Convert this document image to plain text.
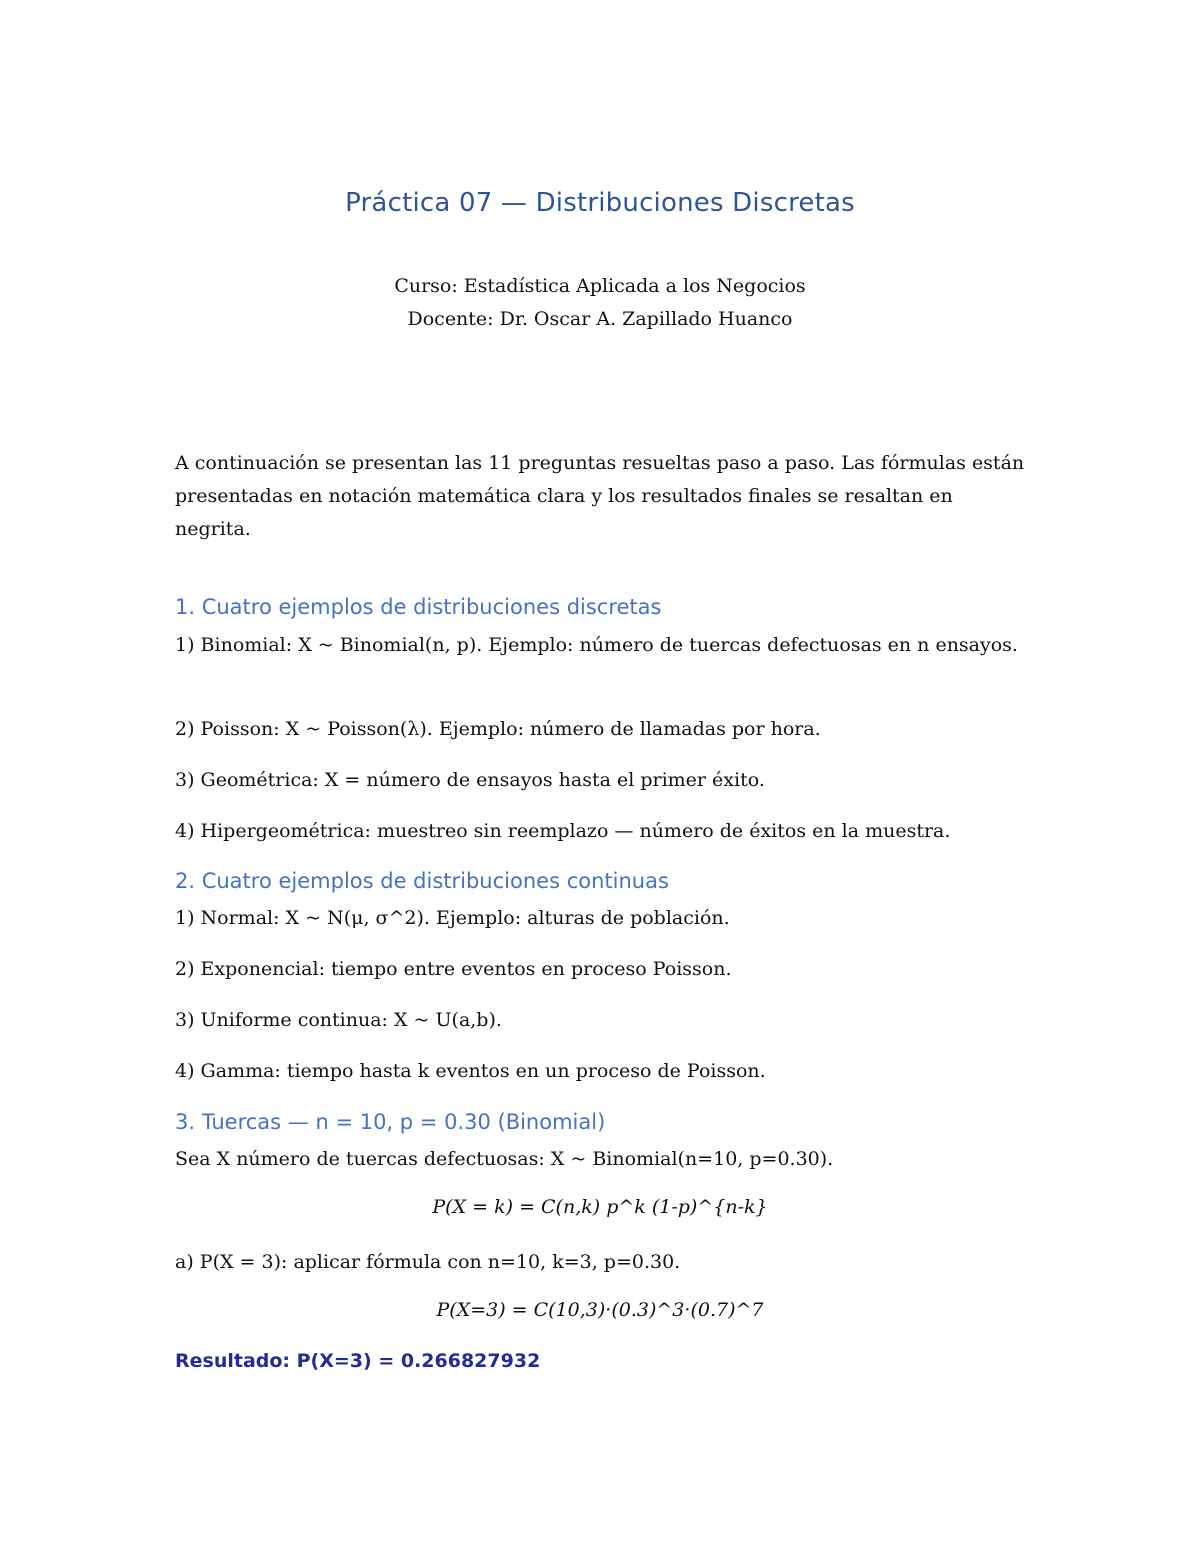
Práctica 07 — Distribuciones Discretas
Curso: Estadística Aplicada a los Negocios
Docente: Dr. Oscar A. Zapillado Huanco
A continuación se presentan las 11 preguntas resueltas paso a paso. Las fórmulas están presentadas en notación matemática clara y los resultados finales se resaltan en negrita.
1. Cuatro ejemplos de distribuciones discretas
1) Binomial: X ~ Binomial(n, p). Ejemplo: número de tuercas defectuosas en n ensayos.
2) Poisson: X ~ Poisson(λ). Ejemplo: número de llamadas por hora.
3) Geométrica: X = número de ensayos hasta el primer éxito.
4) Hipergeométrica: muestreo sin reemplazo — número de éxitos en la muestra.
2. Cuatro ejemplos de distribuciones continuas
1) Normal: X ~ N(μ, σ^2). Ejemplo: alturas de población.
2) Exponencial: tiempo entre eventos en proceso Poisson.
3) Uniforme continua: X ~ U(a,b).
4) Gamma: tiempo hasta k eventos en un proceso de Poisson.
3. Tuercas — n = 10, p = 0.30 (Binomial)
Sea X número de tuercas defectuosas: X ~ Binomial(n=10, p=0.30).
P(X = k) = C(n,k) p^k (1-p)^{n-k}
a) P(X = 3): aplicar fórmula con n=10, k=3, p=0.30.
P(X=3) = C(10,3)·(0.3)^3·(0.7)^7
Resultado: P(X=3) = 0.266827932
